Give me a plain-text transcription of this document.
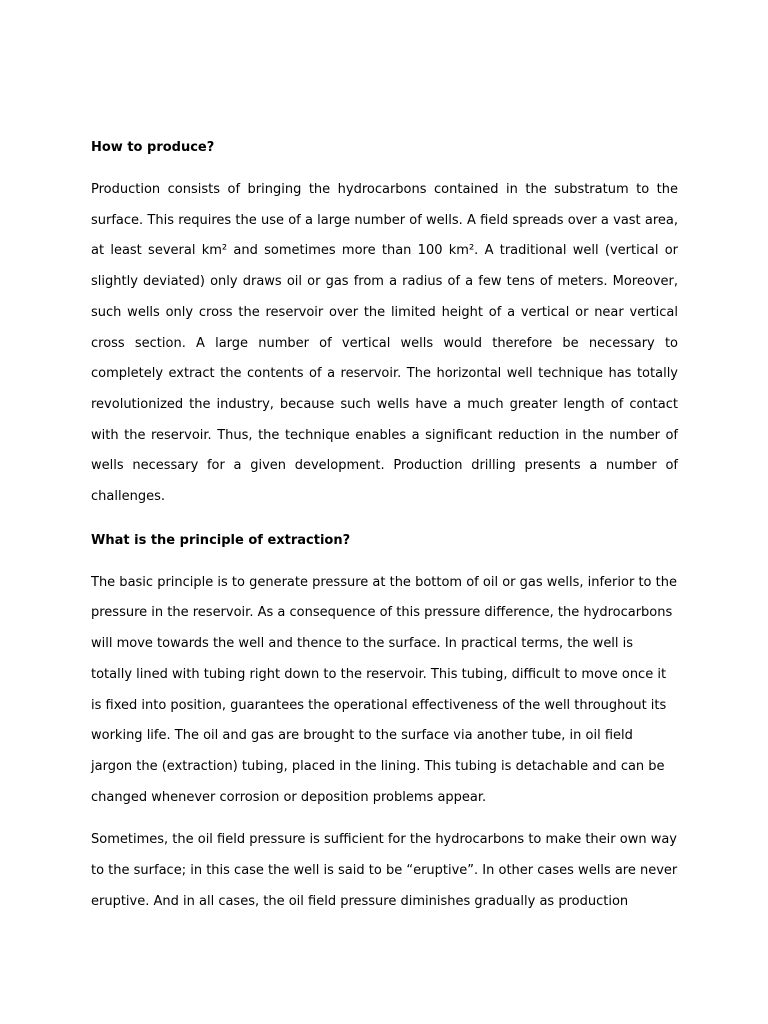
How to produce?

Production consists of bringing the hydrocarbons contained in the substratum to the surface. This requires the use of a large number of wells. A field spreads over a vast area, at least several km² and sometimes more than 100 km². A traditional well (vertical or slightly deviated) only draws oil or gas from a radius of a few tens of meters. Moreover, such wells only cross the reservoir over the limited height of a vertical or near vertical cross section. A large number of vertical wells would therefore be necessary to completely extract the contents of a reservoir. The horizontal well technique has totally revolutionized the industry, because such wells have a much greater length of contact with the reservoir. Thus, the technique enables a significant reduction in the number of wells necessary for a given development. Production drilling presents a number of challenges.

What is the principle of extraction?

The basic principle is to generate pressure at the bottom of oil or gas wells, inferior to the pressure in the reservoir. As a consequence of this pressure difference, the hydrocarbons will move towards the well and thence to the surface. In practical terms, the well is totally lined with tubing right down to the reservoir. This tubing, difficult to move once it is fixed into position, guarantees the operational effectiveness of the well throughout its working life. The oil and gas are brought to the surface via another tube, in oil field jargon the (extraction) tubing, placed in the lining. This tubing is detachable and can be changed whenever corrosion or deposition problems appear.

Sometimes, the oil field pressure is sufficient for the hydrocarbons to make their own way to the surface; in this case the well is said to be “eruptive”. In other cases wells are never eruptive. And in all cases, the oil field pressure diminishes gradually as production
